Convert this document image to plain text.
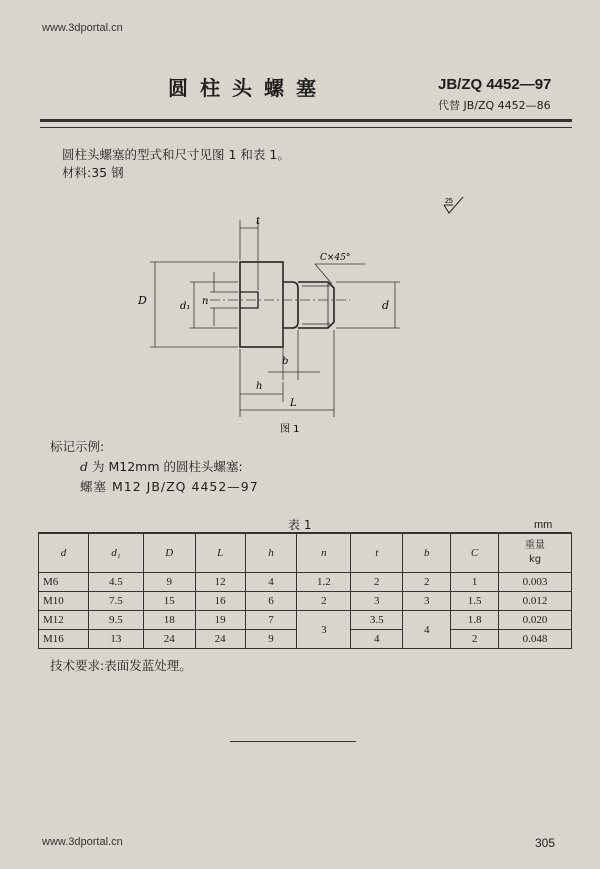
www.3dportal.cn
圆柱头螺塞	JB/ZQ 4452—97
代替 JB/ZQ 4452—86
圆柱头螺塞的型式和尺寸见图 1 和表 1。
材料:35 钢
25
D	d₁ n	d
t
C×45°
b
h
L
图 1
标记示例:
d 为 M12mm 的圆柱头螺塞:
螺塞 M12 JB/ZQ 4452—97
表 1	mm
d	d₁	D	L	h	n	t	b	C	重量
kg

M6	4.5	9	12	4	1.2	2	2	1	0.003
M10	7.5	15	16	6	2	3	3	1.5	0.012
M12	9.5	18	19	7	3	3.5	4	1.8	0.020
M16	13	24	24	9		4		2	0.048
技术要求:表面发蓝处理。
www.3dportal.cn	305
